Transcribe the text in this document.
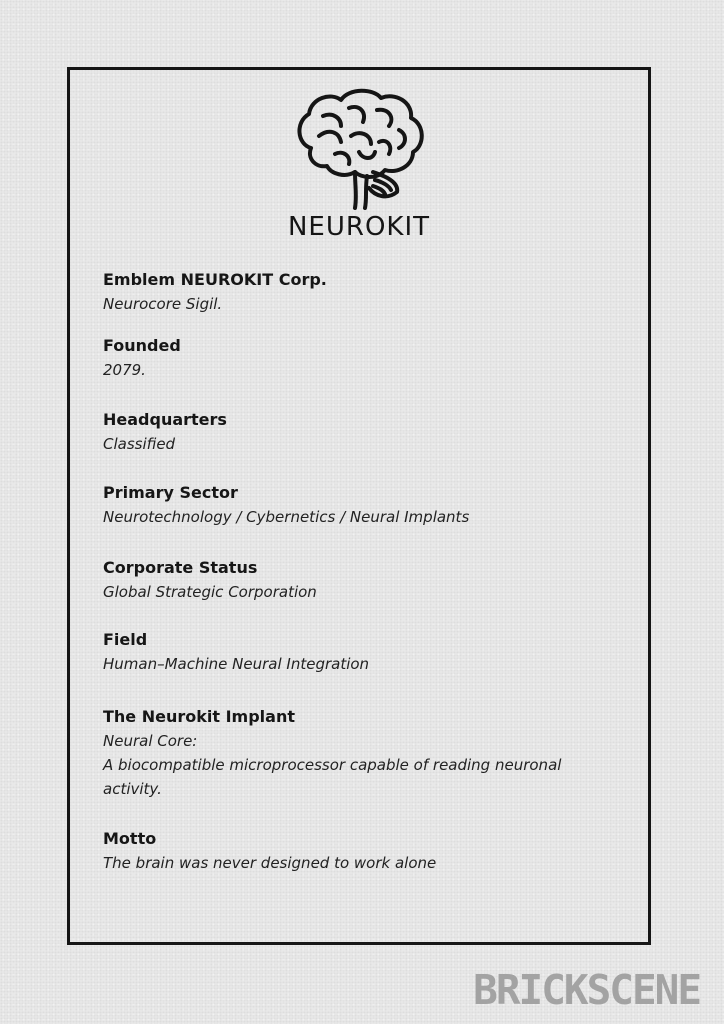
NEUROKIT
Emblem NEUROKIT Corp.
Neurocore Sigil.
Founded
2079.
Headquarters
Classified
Primary Sector
Neurotechnology / Cybernetics / Neural Implants
Corporate Status
Global Strategic Corporation
Field
Human–Machine Neural Integration
The Neurokit Implant
Neural Core:
A biocompatible microprocessor capable of reading neuronal
activity.
Motto
The brain was never designed to work alone
BRICKSCENE
